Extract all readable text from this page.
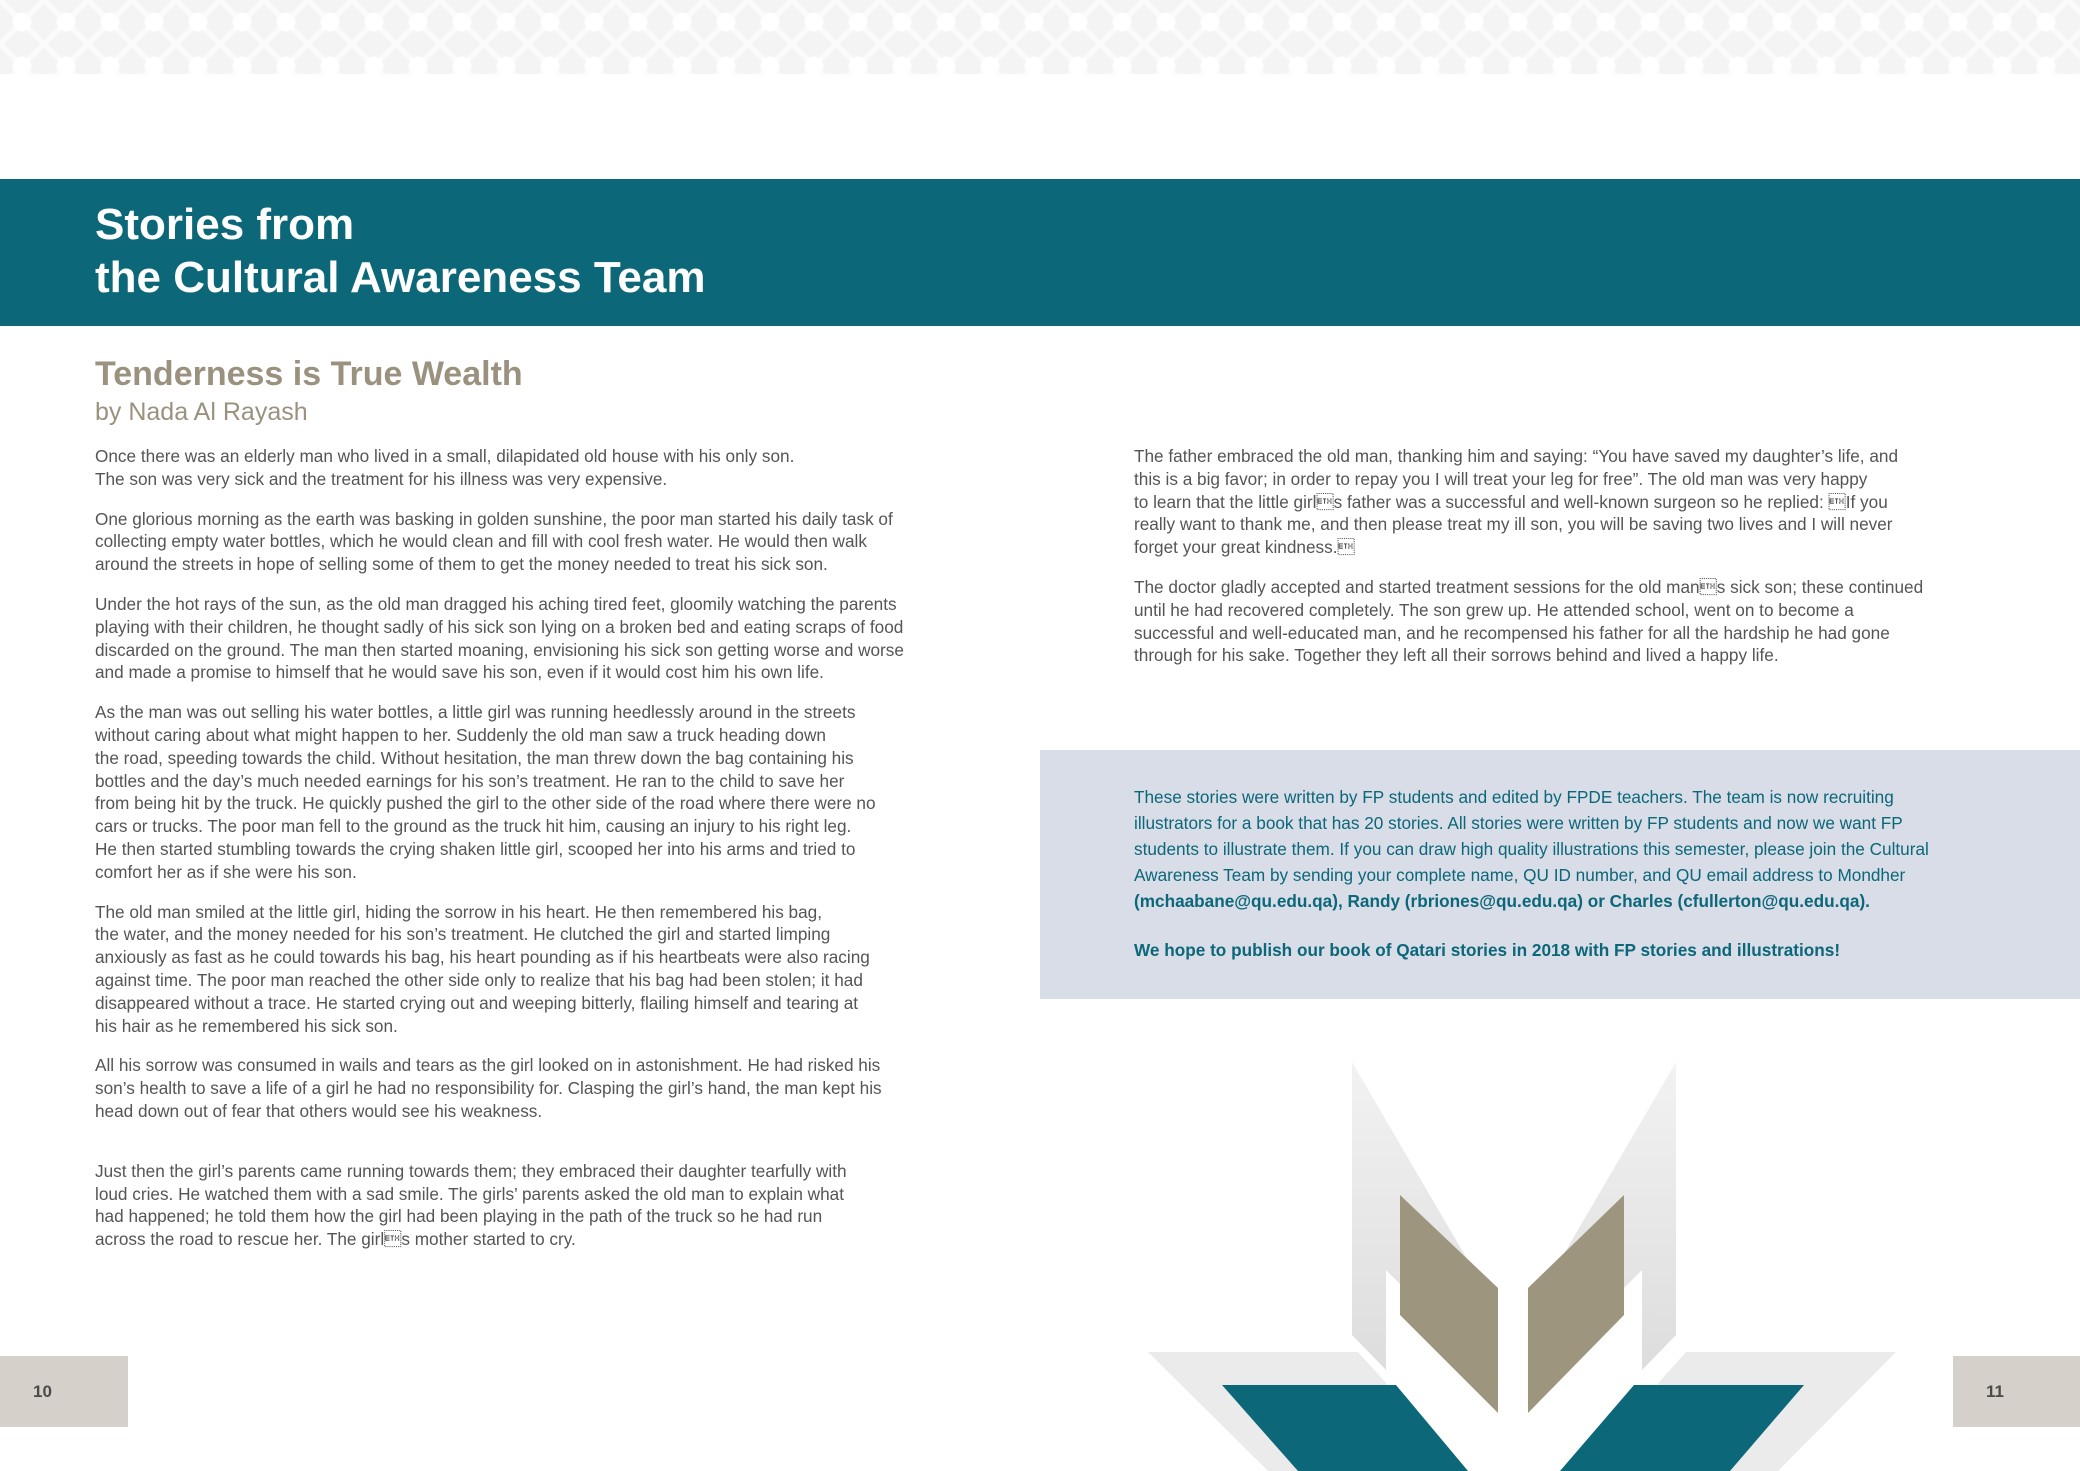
Stories from
the Cultural Awareness Team
Tenderness is True Wealth
by Nada Al Rayash

Once there was an elderly man who lived in a small, dilapidated old house with his only son.
The son was very sick and the treatment for his illness was very expensive.

One glorious morning as the earth was basking in golden sunshine, the poor man started his daily task of
collecting empty water bottles, which he would clean and fill with cool fresh water. He would then walk
around the streets in hope of selling some of them to get the money needed to treat his sick son.

Under the hot rays of the sun, as the old man dragged his aching tired feet, gloomily watching the parents
playing with their children, he thought sadly of his sick son lying on a broken bed and eating scraps of food
discarded on the ground. The man then started moaning, envisioning his sick son getting worse and worse
and made a promise to himself that he would save his son, even if it would cost him his own life.

As the man was out selling his water bottles, a little girl was running heedlessly around in the streets
without caring about what might happen to her. Suddenly the old man saw a truck heading down
the road, speeding towards the child. Without hesitation, the man threw down the bag containing his
bottles and the day’s much needed earnings for his son’s treatment. He ran to the child to save her
from being hit by the truck. He quickly pushed the girl to the other side of the road where there were no
cars or trucks. The poor man fell to the ground as the truck hit him, causing an injury to his right leg.
He then started stumbling towards the crying shaken little girl, scooped her into his arms and tried to
comfort her as if she were his son.

The old man smiled at the little girl, hiding the sorrow in his heart. He then remembered his bag,
the water, and the money needed for his son’s treatment. He clutched the girl and started limping
anxiously as fast as he could towards his bag, his heart pounding as if his heartbeats were also racing
against time. The poor man reached the other side only to realize that his bag had been stolen; it had
disappeared without a trace. He started crying out and weeping bitterly, flailing himself and tearing at
his hair as he remembered his sick son.

All his sorrow was consumed in wails and tears as the girl looked on in astonishment. He had risked his
son’s health to save a life of a girl he had no responsibility for. Clasping the girl’s hand, the man kept his
head down out of fear that others would see his weakness.

Just then the girl’s parents came running towards them; they embraced their daughter tearfully with
loud cries. He watched them with a sad smile. The girls’ parents asked the old man to explain what
had happened; he told them how the girl had been playing in the path of the truck so he had run
across the road to rescue her. The girls mother started to cry.

The father embraced the old man, thanking him and saying: “You have saved my daughter’s life, and
this is a big favor; in order to repay you I will treat your leg for free”. The old man was very happy
to learn that the little girls father was a successful and well-known surgeon so he replied: If you
really want to thank me, and then please treat my ill son, you will be saving two lives and I will never
forget your great kindness.

The doctor gladly accepted and started treatment sessions for the old mans sick son; these continued
until he had recovered completely. The son grew up. He attended school, went on to become a
successful and well-educated man, and he recompensed his father for all the hardship he had gone
through for his sake. Together they left all their sorrows behind and lived a happy life.

These stories were written by FP students and edited by FPDE teachers. The team is now recruiting
illustrators for a book that has 20 stories. All stories were written by FP students and now we want FP
students to illustrate them. If you can draw high quality illustrations this semester, please join the Cultural
Awareness Team by sending your complete name, QU ID number, and QU email address to Mondher

(mchaabane@qu.edu.qa), Randy (rbriones@qu.edu.qa) or Charles (cfullerton@qu.edu.qa).

We hope to publish our book of Qatari stories in 2018 with FP stories and illustrations!

10	11
